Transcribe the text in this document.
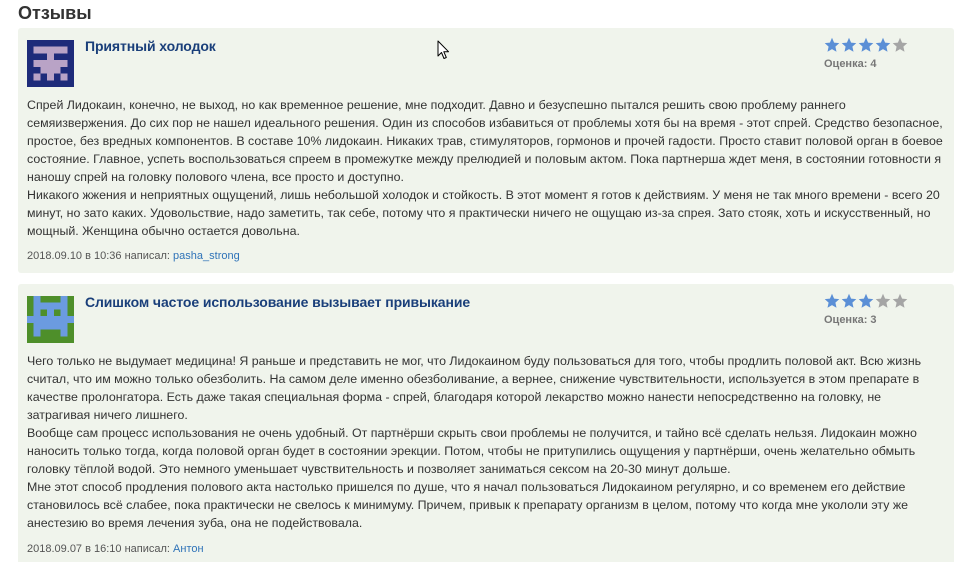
Отзывы
Приятный холодок
Оценка: 4

Спрей Лидокаин, конечно, не выход, но как временное решение, мне подходит. Давно и безуспешно пытался решить свою проблему раннего семяизвержения. До сих пор не нашел идеального решения. Один из способов избавиться от проблемы хотя бы на время - этот спрей. Средство безопасное, простое, без вредных компонентов. В составе 10% лидокаин. Никаких трав, стимуляторов, гормонов и прочей гадости. Просто ставит половой орган в боевое состояние. Главное, успеть воспользоваться спреем в промежутке между прелюдией и половым актом. Пока партнерша ждет меня, в состоянии готовности я наношу спрей на головку полового члена, все просто и доступно.

Никакого жжения и неприятных ощущений, лишь небольшой холодок и стойкость. В этот момент я готов к действиям. У меня не так много времени - всего 20 минут, но зато каких. Удовольствие, надо заметить, так себе, потому что я практически ничего не ощущаю из-за спрея. Зато стояк, хоть и искусственный, но мощный. Женщина обычно остается довольна.

2018.09.10 в 10:36 написал: pasha_strong
Слишком частое использование вызывает привыкание
Оценка: 3

Чего только не выдумает медицина! Я раньше и представить не мог, что Лидокаином буду пользоваться для того, чтобы продлить половой акт. Всю жизнь считал, что им можно только обезболить. На самом деле именно обезболивание, а вернее, снижение чувствительности, используется в этом препарате в качестве пролонгатора. Есть даже такая специальная форма - спрей, благодаря которой лекарство можно нанести непосредственно на головку, не затрагивая ничего лишнего.

Вообще сам процесс использования не очень удобный. От партнёрши скрыть свои проблемы не получится, и тайно всё сделать нельзя. Лидокаин можно наносить только тогда, когда половой орган будет в состоянии эрекции. Потом, чтобы не притупились ощущения у партнёрши, очень желательно обмыть головку тёплой водой. Это немного уменьшает чувствительность и позволяет заниматься сексом на 20-30 минут дольше.

Мне этот способ продления полового акта настолько пришелся по душе, что я начал пользоваться Лидокаином регулярно, и со временем его действие становилось всё слабее, пока практически не свелось к минимуму. Причем, привык к препарату организм в целом, потому что когда мне укололи эту же анестезию во время лечения зуба, она не подействовала.

2018.09.07 в 16:10 написал: Антон
